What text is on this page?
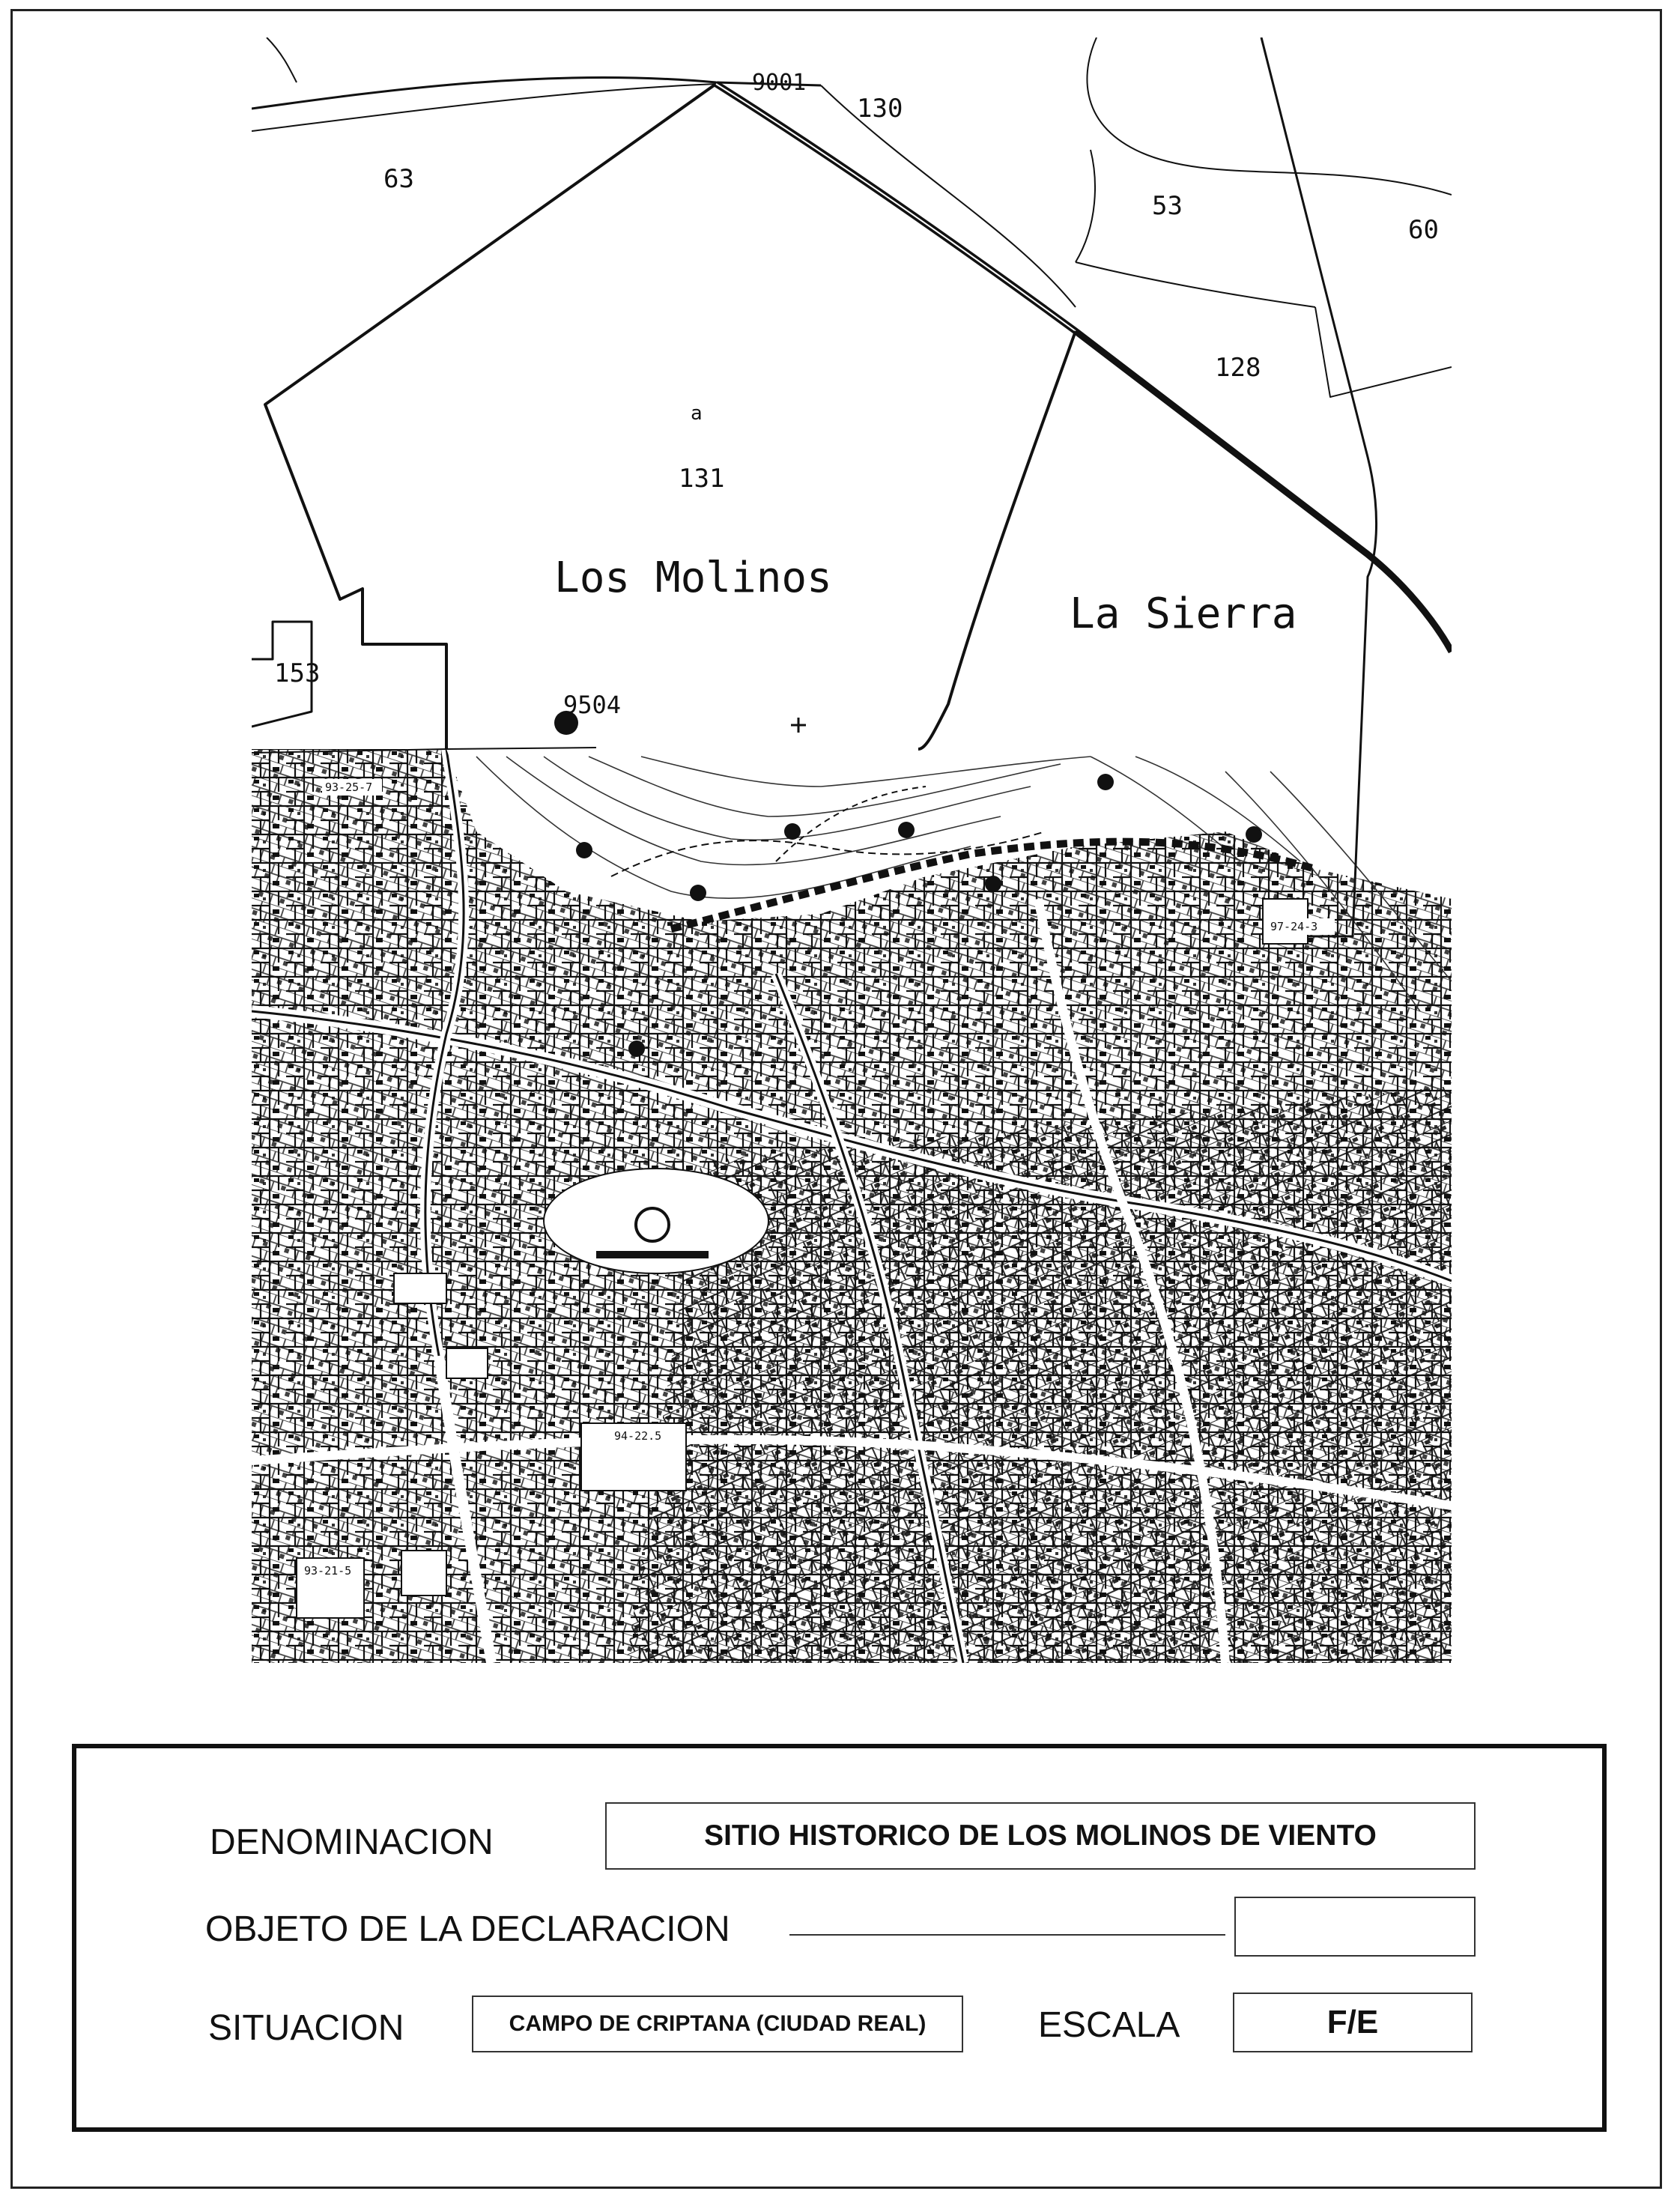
63
130
53
60
128
131
153
a
9001
9504
Los Molinos
La Sierra
97-24-3
94-22.5
93-25-7
93-21-5
DENOMINACION	SITIO HISTORICO DE LOS MOLINOS DE VIENTO
OBJETO DE LA DECLARACION
SITUACION	CAMPO DE CRIPTANA (CIUDAD REAL)	ESCALA	F/E
